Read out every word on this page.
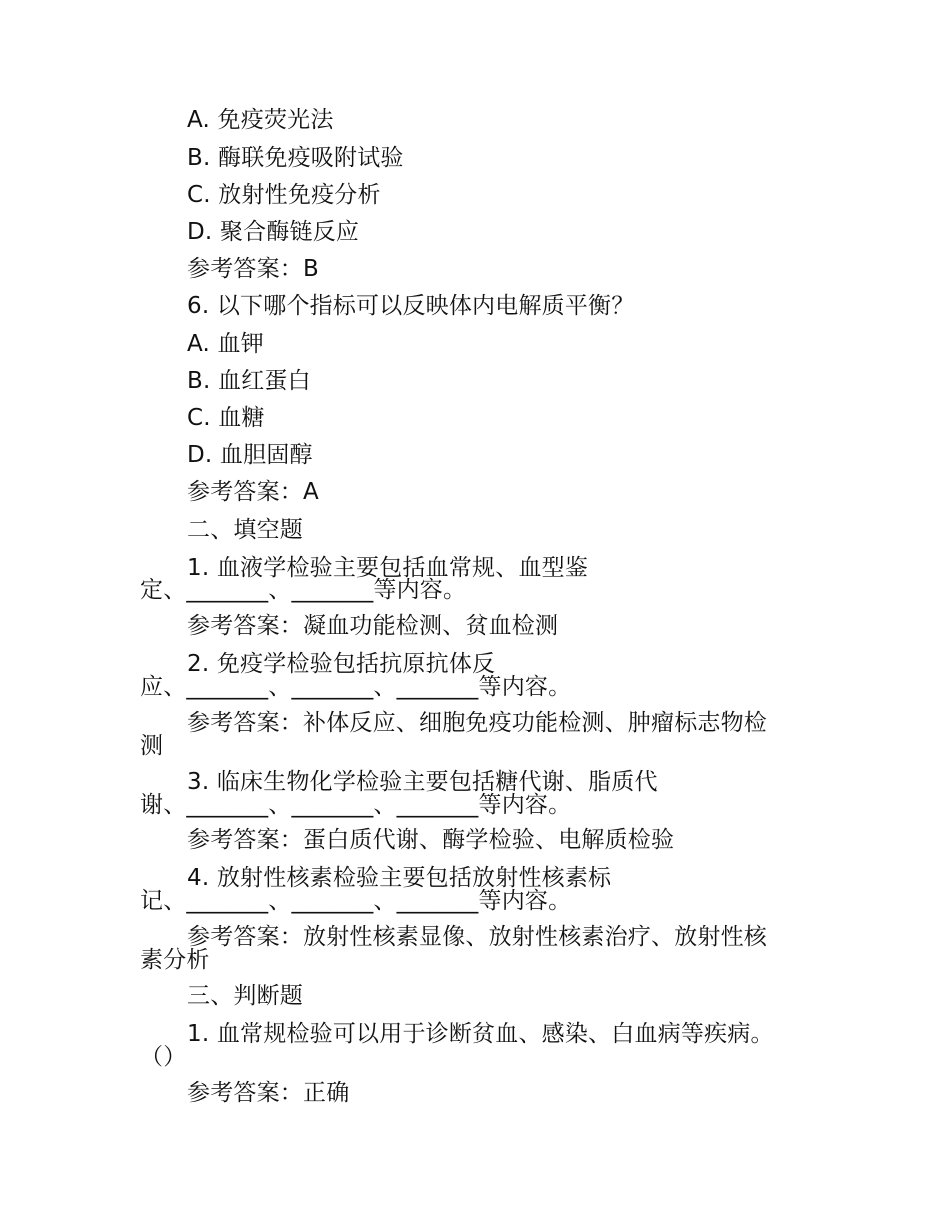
A. 免疫荧光法
B. 酶联免疫吸附试验
C. 放射性免疫分析
D. 聚合酶链反应
参考答案：B
6. 以下哪个指标可以反映体内电解质平衡？
A. 血钾
B. 血红蛋白
C. 血糖
D. 血胆固醇
参考答案：A
二、填空题
1. 血液学检验主要包括血常规、血型鉴
定、_______、_______等内容。
参考答案：凝血功能检测、贫血检测
2. 免疫学检验包括抗原抗体反
应、_______、_______、_______等内容。
参考答案：补体反应、细胞免疫功能检测、肿瘤标志物检
测
3. 临床生物化学检验主要包括糖代谢、脂质代
谢、_______、_______、_______等内容。
参考答案：蛋白质代谢、酶学检验、电解质检验
4. 放射性核素检验主要包括放射性核素标
记、_______、_______、_______等内容。
参考答案：放射性核素显像、放射性核素治疗、放射性核
素分析
三、判断题
1. 血常规检验可以用于诊断贫血、感染、白血病等疾病。
（）
参考答案：正确
